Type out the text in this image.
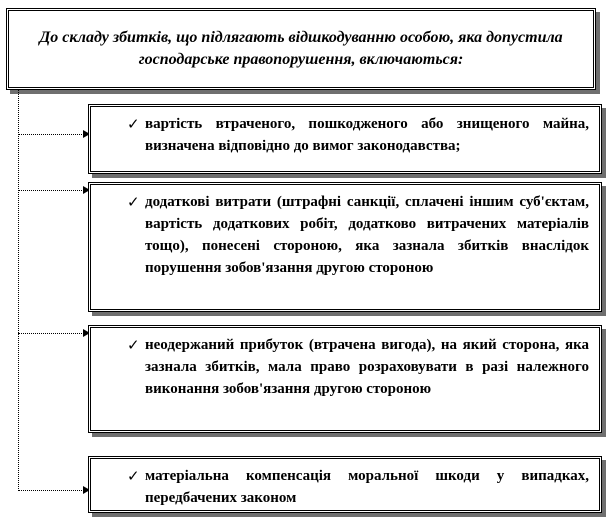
До складу збитків, що підлягають відшкодуванню особою, яка допустила господарське правопорушення, включаються:
✓ вартість втраченого, пошкодженого або знищеного майна, визначена відповідно до вимог законодавства;
✓ додаткові витрати (штрафні санкції, сплачені іншим суб'єктам, вартість додаткових робіт, додатково витрачених матеріалів тощо), понесені стороною, яка зазнала збитків внаслідок порушення зобов'язання другою стороною
✓ неодержаний прибуток (втрачена вигода), на який сторона, яка зазнала збитків, мала право розраховувати в разі належного виконання зобов'язання другою стороною
✓ матеріальна компенсація моральної шкоди у випадках, передбачених законом
